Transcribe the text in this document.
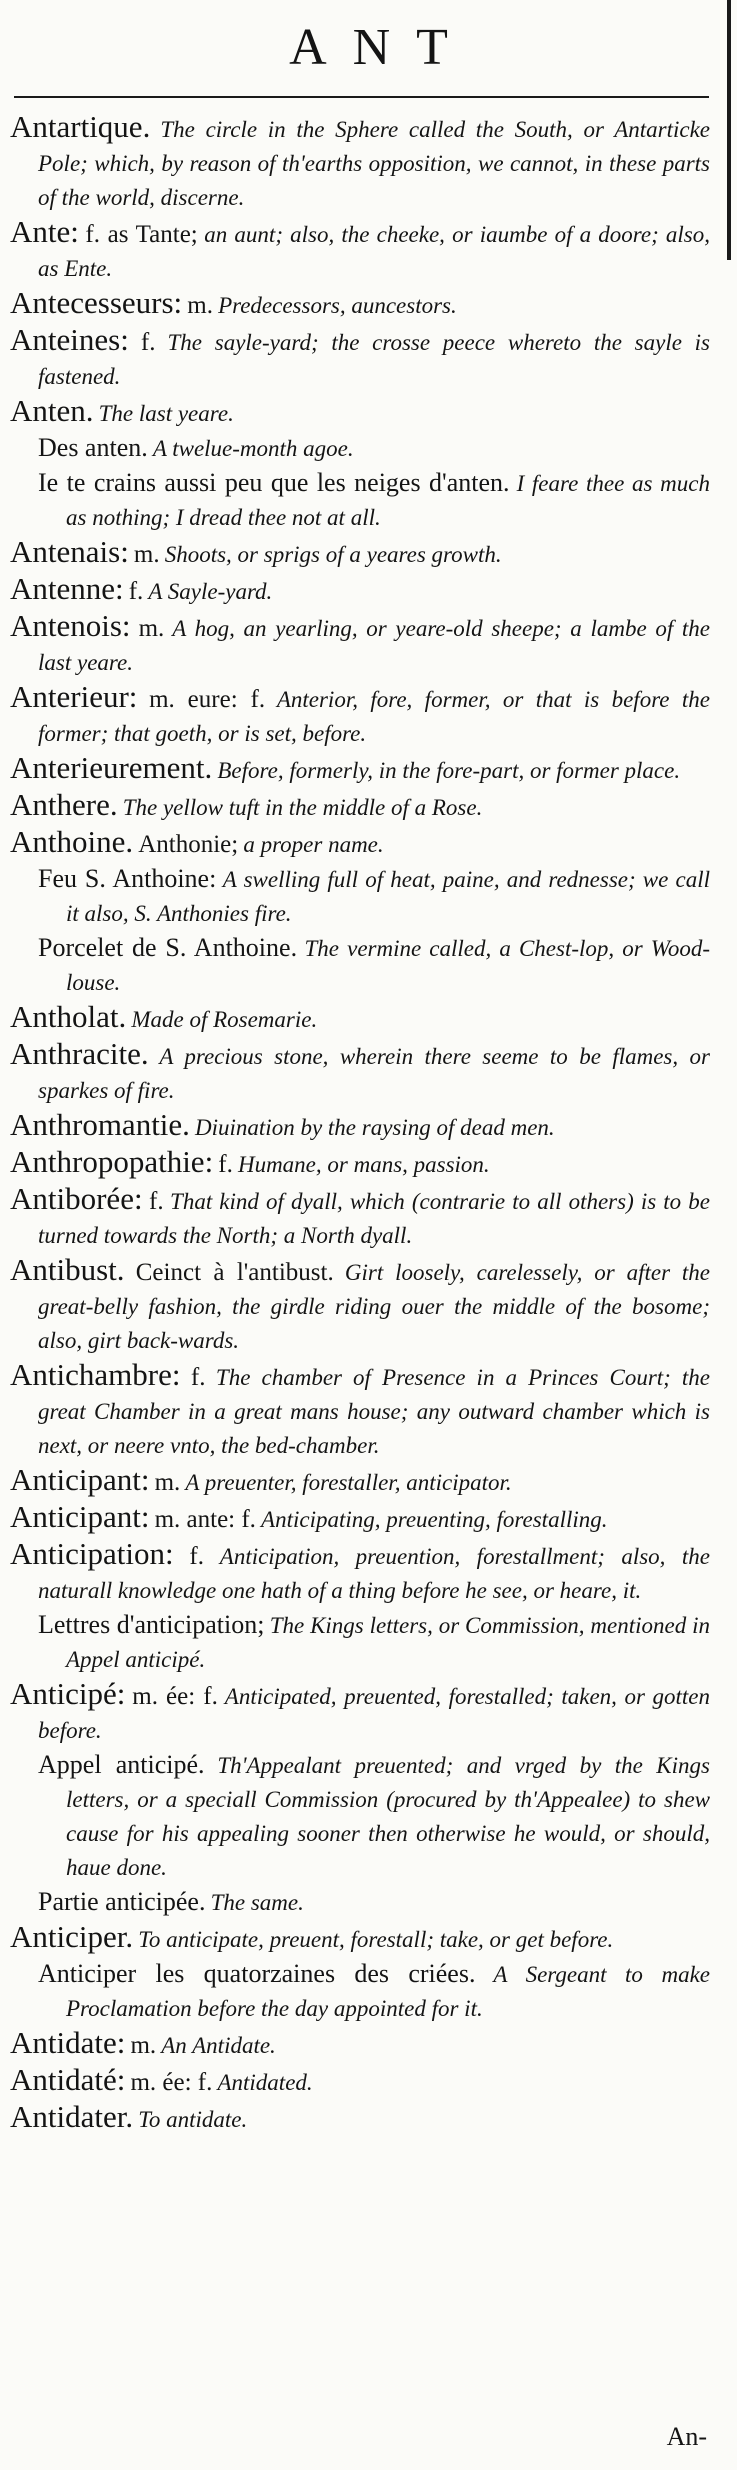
ANT

Antartique. The circle in the Sphere called the South, or Antarticke Pole; which, by reason of th'earths opposition, we cannot, in these parts of the world, discerne.

Ante: f. as Tante; an aunt; also, the cheeke, or iaumbe of a doore; also, as Ente.

Antecesseurs: m. Predecessors, auncestors.

Anteines: f. The sayle-yard; the crosse peece whereto the sayle is fastened.

Anten. The last yeare.

Des anten. A twelue-month agoe.

Ie te crains aussi peu que les neiges d'anten. I feare thee as much as nothing; I dread thee not at all.

Antenais: m. Shoots, or sprigs of a yeares growth.

Antenne: f. A Sayle-yard.

Antenois: m. A hog, an yearling, or yeare-old sheepe; a lambe of the last yeare.

Anterieur: m. eure: f. Anterior, fore, former, or that is before the former; that goeth, or is set, before.

Anterieurement. Before, formerly, in the fore-part, or former place.

Anthere. The yellow tuft in the middle of a Rose.

Anthoine. Anthonie; a proper name.

Feu S. Anthoine: A swelling full of heat, paine, and rednesse; we call it also, S. Anthonies fire.

Porcelet de S. Anthoine. The vermine called, a Chest-lop, or Wood-louse.

Antholat. Made of Rosemarie.

Anthracite. A precious stone, wherein there seeme to be flames, or sparkes of fire.

Anthromantie. Diuination by the raysing of dead men.

Anthropopathie: f. Humane, or mans, passion.

Antiborée: f. That kind of dyall, which (contrarie to all others) is to be turned towards the North; a North dyall.

Antibust. Ceinct à l'antibust. Girt loosely, carelessely, or after the great-belly fashion, the girdle riding ouer the middle of the bosome; also, girt back-wards.

Antichambre: f. The chamber of Presence in a Princes Court; the great Chamber in a great mans house; any outward chamber which is next, or neere vnto, the bed-chamber.

Anticipant: m. A preuenter, forestaller, anticipator.

Anticipant: m. ante: f. Anticipating, preuenting, forestalling.

Anticipation: f. Anticipation, preuention, forestallment; also, the naturall knowledge one hath of a thing before he see, or heare, it.

Lettres d'anticipation; The Kings letters, or Commission, mentioned in Appel anticipé.

Anticipé: m. ée: f. Anticipated, preuented, forestalled; taken, or gotten before.

Appel anticipé. Th'Appealant preuented; and vrged by the Kings letters, or a speciall Commission (procured by th'Appealee) to shew cause for his appealing sooner then otherwise he would, or should, haue done.

Partie anticipée. The same.

Anticiper. To anticipate, preuent, forestall; take, or get before.

Anticiper les quatorzaines des criées. A Sergeant to make Proclamation before the day appointed for it.

Antidate: m. An Antidate.

Antidaté: m. ée: f. Antidated.

Antidater. To antidate.

An-
